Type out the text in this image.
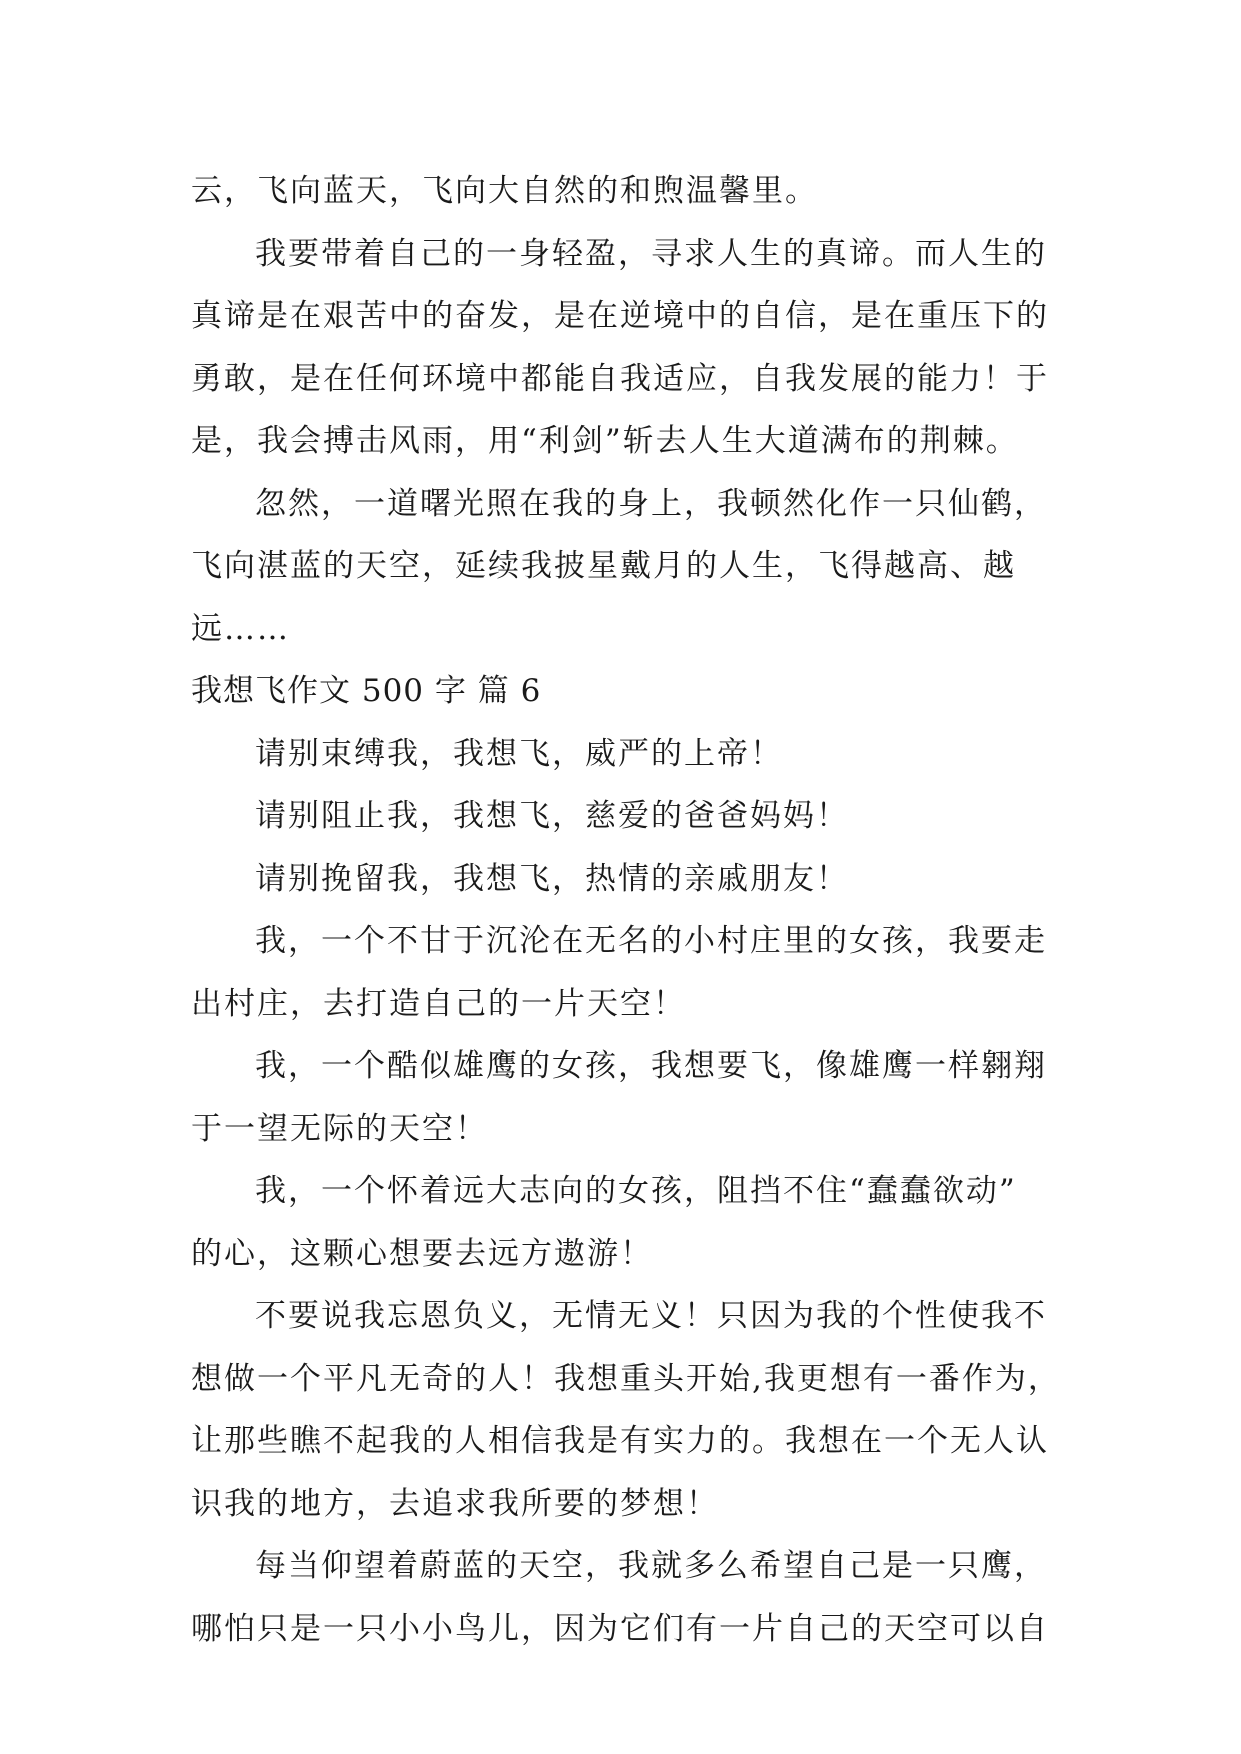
云，飞向蓝天，飞向大自然的和煦温馨里。
我要带着自己的一身轻盈，寻求人生的真谛。而人生的
真谛是在艰苦中的奋发，是在逆境中的自信，是在重压下的
勇敢，是在任何环境中都能自我适应，自我发展的能力！于
是，我会搏击风雨，用“利剑”斩去人生大道满布的荆棘。
忽然，一道曙光照在我的身上，我顿然化作一只仙鹤，
飞向湛蓝的天空，延续我披星戴月的人生，飞得越高、越
远……
我想飞作文 500 字 篇 6
请别束缚我，我想飞，威严的上帝！
请别阻止我，我想飞，慈爱的爸爸妈妈！
请别挽留我，我想飞，热情的亲戚朋友！
我，一个不甘于沉沦在无名的小村庄里的女孩，我要走
出村庄，去打造自己的一片天空！
我，一个酷似雄鹰的女孩，我想要飞，像雄鹰一样翱翔
于一望无际的天空！
我，一个怀着远大志向的女孩，阻挡不住“蠢蠢欲动”
的心，这颗心想要去远方遨游！
不要说我忘恩负义，无情无义！只因为我的个性使我不
想做一个平凡无奇的人！我想重头开始,我更想有一番作为，
让那些瞧不起我的人相信我是有实力的。我想在一个无人认
识我的地方，去追求我所要的梦想！
每当仰望着蔚蓝的天空，我就多么希望自己是一只鹰，
哪怕只是一只小小鸟儿，因为它们有一片自己的天空可以自
